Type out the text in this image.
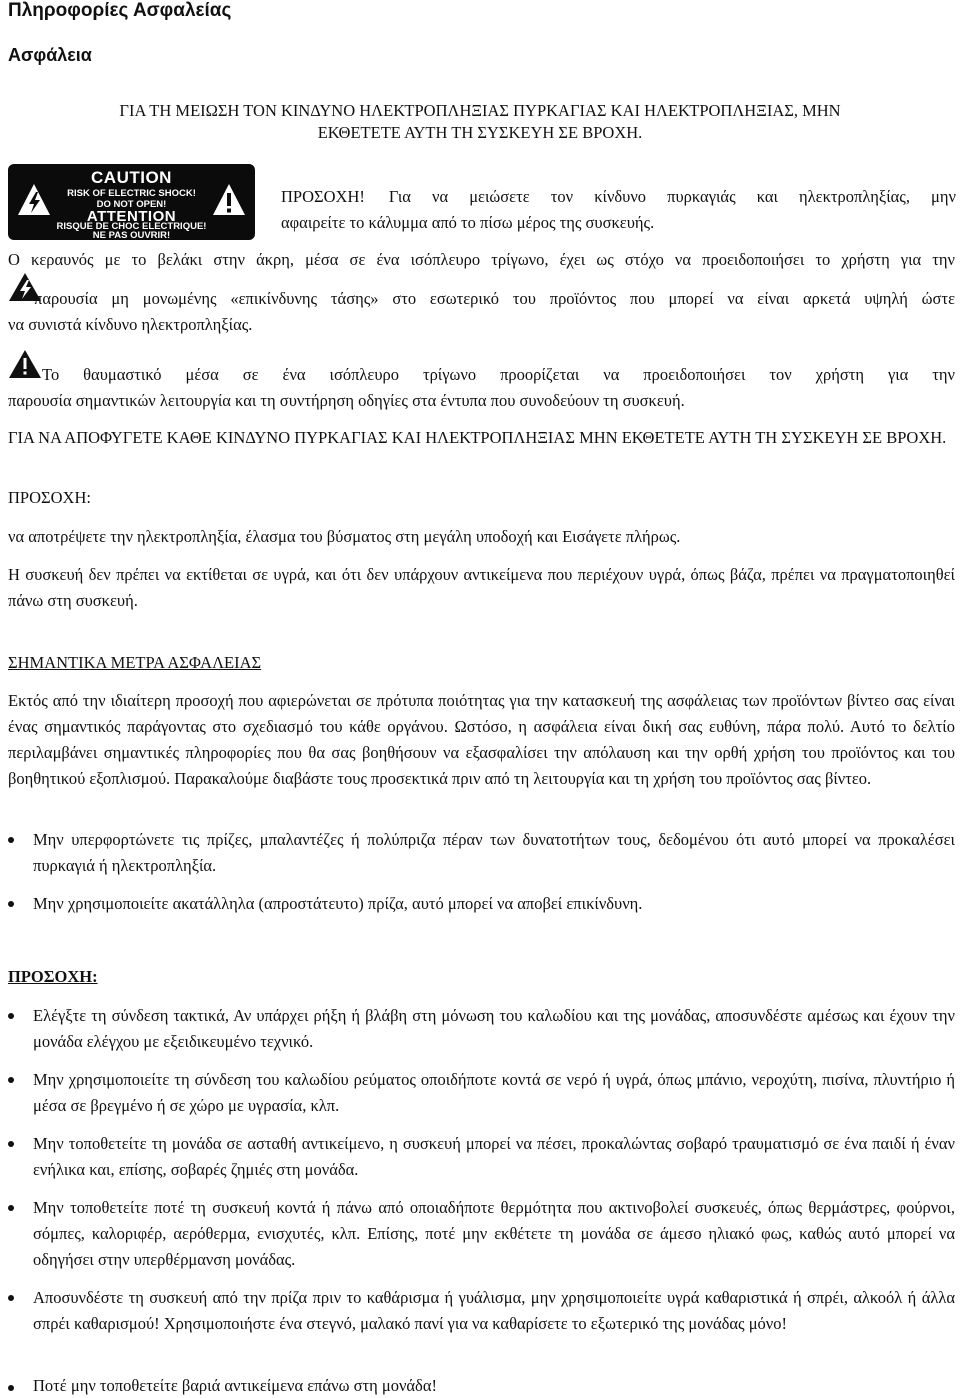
Πληροφορίες Ασφαλείας
Ασφάλεια
ΓΙΑ ΤΗ ΜΕΙΩΣΗ ΤΟΝ ΚΙΝΔΥΝΟ ΗΛΕΚΤΡΟΠΛΗΞΙΑΣ ΠΥΡΚΑΓΙΑΣ ΚΑΙ ΗΛΕΚΤΡΟΠΛΗΞΙΑΣ, ΜΗΝ
ΕΚΘΕΤΕΤΕ ΑΥΤΗ ΤΗ ΣΥΣΚΕΥΗ ΣΕ ΒΡΟΧΗ.
CAUTION
RISK OF ELECTRIC SHOCK!
DO NOT OPEN!
ATTENTION
RISQUE DE CHOC ELECTRIQUE!
NE PAS OUVRIR!
ΠΡΟΣΟΧΗ! Για να μειώσετε τον κίνδυνο πυρκαγιάς και ηλεκτροπληξίας, μην
αφαιρείτε το κάλυμμα από το πίσω μέρος της συσκευής.
Ο κεραυνός με το βελάκι στην άκρη, μέσα σε ένα ισόπλευρο τρίγωνο, έχει ως στόχο να προειδοποιήσει το χρήστη για την
παρουσία μη μονωμένης «επικίνδυνης τάσης» στο εσωτερικό του προϊόντος που μπορεί να είναι αρκετά υψηλή ώστε
να συνιστά κίνδυνο ηλεκτροπληξίας.
Το θαυμαστικό μέσα σε ένα ισόπλευρο τρίγωνο προορίζεται να προειδοποιήσει τον χρήστη για την
παρουσία σημαντικών λειτουργία και τη συντήρηση οδηγίες στα έντυπα που συνοδεύουν τη συσκευή.

ΓΙΑ ΝΑ ΑΠΟΦΥΓΕΤΕ ΚΑΘΕ ΚΙΝΔΥΝΟ ΠΥΡΚΑΓΙΑΣ ΚΑΙ ΗΛΕΚΤΡΟΠΛΗΞΙΑΣ ΜΗΝ ΕΚΘΕΤΕΤΕ ΑΥΤΗ ΤΗ ΣΥΣΚΕΥΗ ΣΕ ΒΡΟΧΗ.

ΠΡΟΣΟΧΗ:
να αποτρέψετε την ηλεκτροπληξία, έλασμα του βύσματος στη μεγάλη υποδοχή και Εισάγετε πλήρως.

Η συσκευή δεν πρέπει να εκτίθεται σε υγρά, και ότι δεν υπάρχουν αντικείμενα που περιέχουν υγρά, όπως βάζα, πρέπει να πραγματοποιηθεί πάνω στη συσκευή.

ΣΗΜΑΝΤΙΚΑ ΜΕΤΡΑ ΑΣΦΑΛΕΙΑΣ

Εκτός από την ιδιαίτερη προσοχή που αφιερώνεται σε πρότυπα ποιότητας για την κατασκευή της ασφάλειας των προϊόντων βίντεο σας είναι ένας σημαντικός παράγοντας στο σχεδιασμό του κάθε οργάνου. Ωστόσο, η ασφάλεια είναι δική σας ευθύνη, πάρα πολύ. Αυτό το δελτίο περιλαμβάνει σημαντικές πληροφορίες που θα σας βοηθήσουν να εξασφαλίσει την απόλαυση και την ορθή χρήση του προϊόντος και του βοηθητικού εξοπλισμού. Παρακαλούμε διαβάστε τους προσεκτικά πριν από τη λειτουργία και τη χρήση του προϊόντος σας βίντεο.

Μην υπερφορτώνετε τις πρίζες, μπαλαντέζες ή πολύπριζα πέραν των δυνατοτήτων τους, δεδομένου ότι αυτό μπορεί να προκαλέσει πυρκαγιά ή ηλεκτροπληξία.

Μην χρησιμοποιείτε ακατάλληλα (απροστάτευτο) πρίζα, αυτό μπορεί να αποβεί επικίνδυνη.

ΠΡΟΣΟΧΗ:

Ελέγξτε τη σύνδεση τακτικά, Αν υπάρχει ρήξη ή βλάβη στη μόνωση του καλωδίου και της μονάδας, αποσυνδέστε αμέσως και έχουν την μονάδα ελέγχου με εξειδικευμένο τεχνικό.

Μην χρησιμοποιείτε τη σύνδεση του καλωδίου ρεύματος οποιδήποτε κοντά σε νερό ή υγρά, όπως μπάνιο, νεροχύτη, πισίνα, πλυντήριο ή μέσα σε βρεγμένο ή σε χώρο με υγρασία, κλπ.

Μην τοποθετείτε τη μονάδα σε ασταθή αντικείμενο, η συσκευή μπορεί να πέσει, προκαλώντας σοβαρό τραυματισμό σε ένα παιδί ή έναν ενήλικα και, επίσης, σοβαρές ζημιές στη μονάδα.

Μην τοποθετείτε ποτέ τη συσκευή κοντά ή πάνω από οποιαδήποτε θερμότητα που ακτινοβολεί συσκευές, όπως θερμάστρες, φούρνοι, σόμπες, καλοριφέρ, αερόθερμα, ενισχυτές, κλπ. Επίσης, ποτέ μην εκθέτετε τη μονάδα σε άμεσο ηλιακό φως, καθώς αυτό μπορεί να οδηγήσει στην υπερθέρμανση μονάδας.

Αποσυνδέστε τη συσκευή από την πρίζα πριν το καθάρισμα ή γυάλισμα, μην χρησιμοποιείτε υγρά καθαριστικά ή σπρέι, αλκοόλ ή άλλα σπρέι καθαρισμού! Χρησιμοποιήστε ένα στεγνό, μαλακό πανί για να καθαρίσετε το εξωτερικό της μονάδας μόνο!

Ποτέ μην τοποθετείτε βαριά αντικείμενα επάνω στη μονάδα!
